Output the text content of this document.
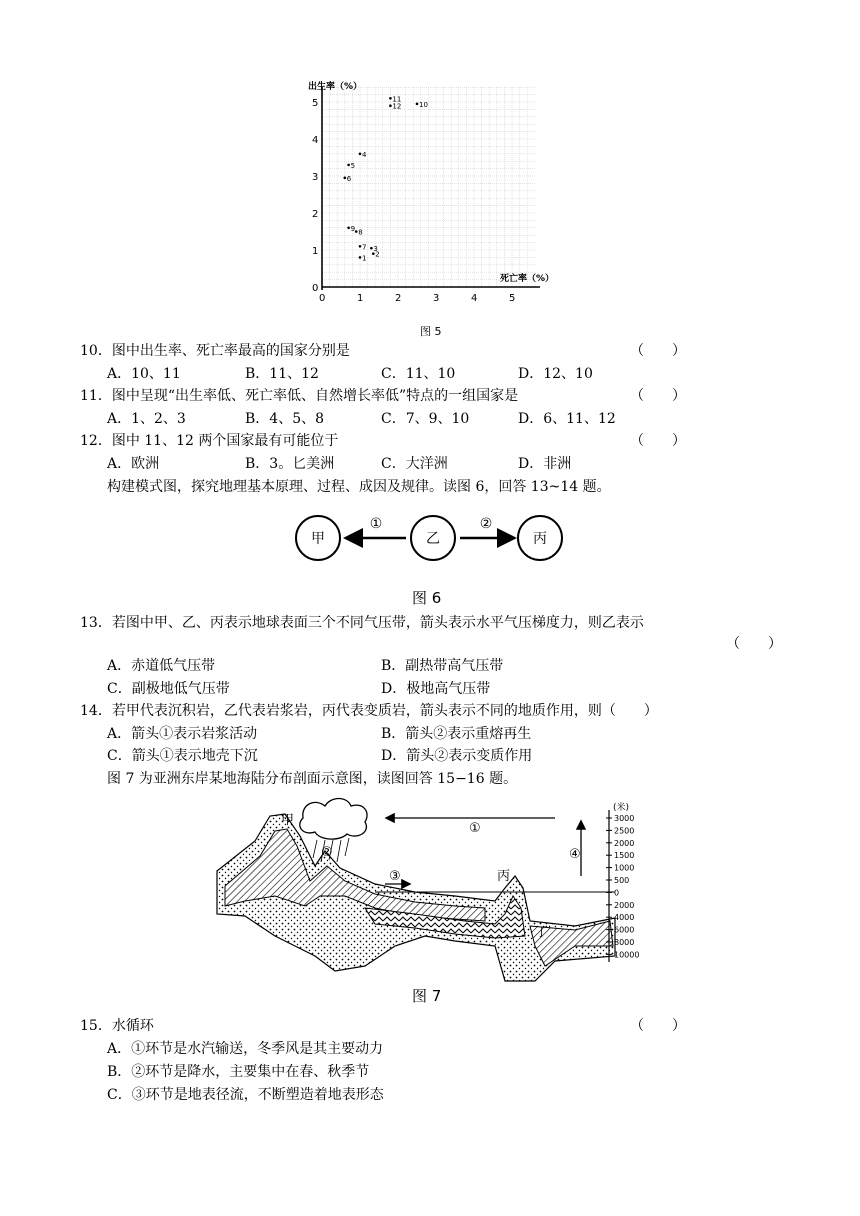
出生率（%）
死亡率（%）
0
1
2
3
4
5
0	1	2	3	4	5
1 2
3
7
8
9
6
5
4
11
12	10
图 5
10．图中出生率、死亡率最高的国家分别是	（　　）
A．10、11	B．11、12	C．11、10	D．12、10
11．图中呈现“出生率低、死亡率低、自然增长率低”特点的一组国家是	（　　）
A．1、2、3	B．4、5、8	C．7、9、10	D．6、11、12
12．图中 11、12 两个国家最有可能位于	（　　）
A．欧洲	B．3。匕美洲	C．大洋洲	D．非洲
构建模式图，探究地理基本原理、过程、成因及规律。读图 6，回答 13~14 题。
甲	乙	丙
①	②
图 6
13．若图中甲、乙、丙表示地球表面三个不同气压带，箭头表示水平气压梯度力，则乙表示
（　　）
A．赤道低气压带	B．副热带高气压带
C．副极地低气压带	D．极地高气压带
14．若甲代表沉积岩，乙代表岩浆岩，丙代表变质岩，箭头表示不同的地质作用，则（　　）
A．箭头①表示岩浆活动	B．箭头②表示重熔再生
C．箭头①表示地壳下沉	D．箭头②表示变质作用
图 7 为亚洲东岸某地海陆分布剖面示意图，读图回答 15−16 题。
甲
②
①
③
④
丙
丁
(米)
3000
2500
2000
1500
1000
500
0
2000
4000
6000
8000
10000
图 7
15．水循环	（　　）
A．①环节是水汽输送，冬季风是其主要动力
B．②环节是降水，主要集中在春、秋季节
C．③环节是地表径流，不断塑造着地表形态
